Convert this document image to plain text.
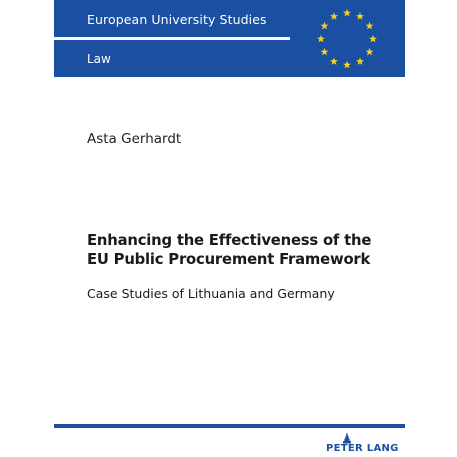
European University Studies
Law
Asta Gerhardt
Enhancing the Effectiveness of the
EU Public Procurement Framework
Case Studies of Lithuania and Germany
PETER LANG
